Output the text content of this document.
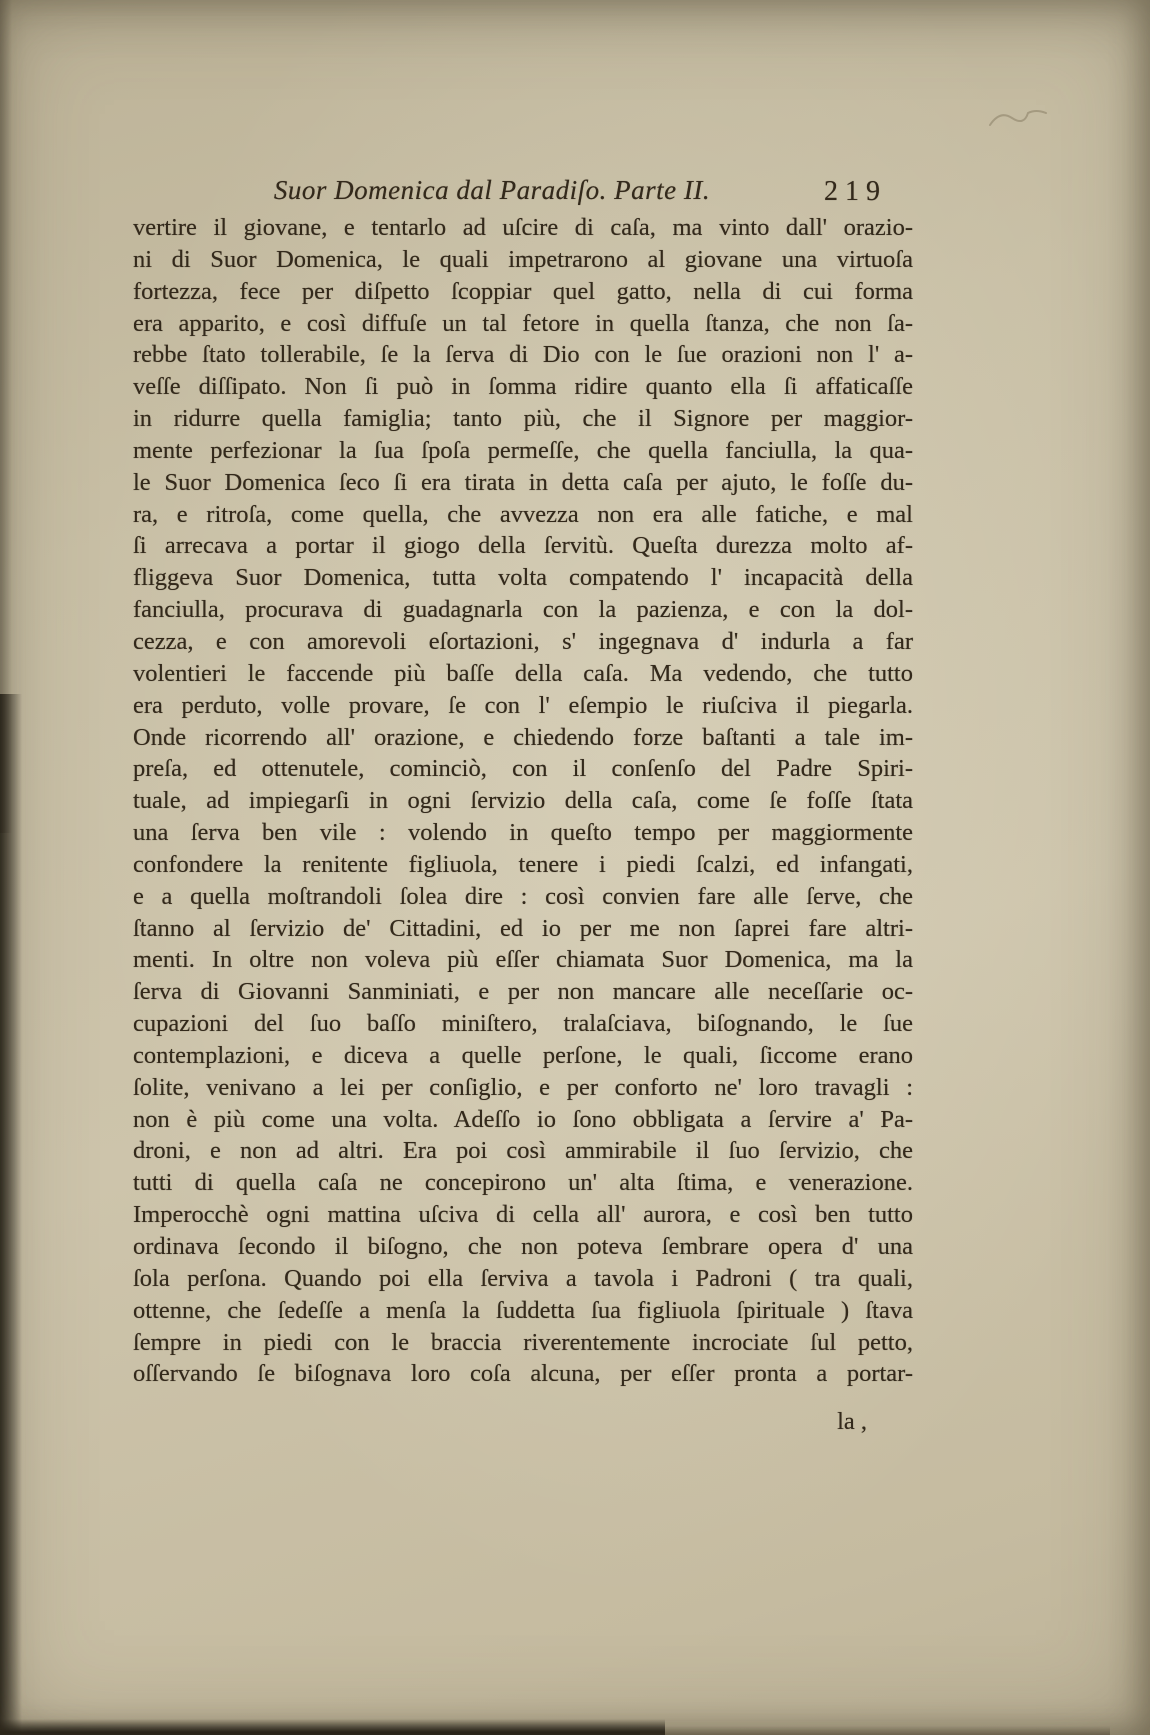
Suor Domenica dal Paradiſo. Parte II.	219
vertire il giovane, e tentarlo ad uſcire di caſa, ma vinto dall' orazio-
ni di Suor Domenica, le quali impetrarono al giovane una virtuoſa
fortezza, fece per diſpetto ſcoppiar quel gatto, nella di cui forma
era apparito, e così diffuſe un tal fetore in quella ſtanza, che non ſa-
rebbe ſtato tollerabile, ſe la ſerva di Dio con le ſue orazioni non l' a-
veſſe diſſipato. Non ſi può in ſomma ridire quanto ella ſi affaticaſſe
in ridurre quella famiglia; tanto più, che il Signore per maggior-
mente perfezionar la ſua ſpoſa permeſſe, che quella fanciulla, la qua-
le Suor Domenica ſeco ſi era tirata in detta caſa per ajuto, le foſſe du-
ra, e ritroſa, come quella, che avvezza non era alle fatiche, e mal
ſi arrecava a portar il giogo della ſervitù. Queſta durezza molto af-
fliggeva Suor Domenica, tutta volta compatendo l' incapacità della
fanciulla, procurava di guadagnarla con la pazienza, e con la dol-
cezza, e con amorevoli eſortazioni, s' ingegnava d' indurla a far
volentieri le faccende più baſſe della caſa. Ma vedendo, che tutto
era perduto, volle provare, ſe con l' eſempio le riuſciva il piegarla.
Onde ricorrendo all' orazione, e chiedendo forze baſtanti a tale im-
preſa, ed ottenutele, cominciò, con il conſenſo del Padre Spiri-
tuale, ad impiegarſi in ogni ſervizio della caſa, come ſe foſſe ſtata
una ſerva ben vile : volendo in queſto tempo per maggiormente
confondere la renitente figliuola, tenere i piedi ſcalzi, ed infangati,
e a quella moſtrandoli ſolea dire : così convien fare alle ſerve, che
ſtanno al ſervizio de' Cittadini, ed io per me non ſaprei fare altri-
menti. In oltre non voleva più eſſer chiamata Suor Domenica, ma la
ſerva di Giovanni Sanminiati, e per non mancare alle neceſſarie oc-
cupazioni del ſuo baſſo miniſtero, tralaſciava, biſognando, le ſue
contemplazioni, e diceva a quelle perſone, le quali, ſiccome erano
ſolite, venivano a lei per conſiglio, e per conforto ne' loro travagli :
non è più come una volta. Adeſſo io ſono obbligata a ſervire a' Pa-
droni, e non ad altri. Era poi così ammirabile il ſuo ſervizio, che
tutti di quella caſa ne concepirono un' alta ſtima, e venerazione.
Imperocchè ogni mattina uſciva di cella all' aurora, e così ben tutto
ordinava ſecondo il biſogno, che non poteva ſembrare opera d' una
ſola perſona. Quando poi ella ſerviva a tavola i Padroni ( tra quali,
ottenne, che ſedeſſe a menſa la ſuddetta ſua figliuola ſpirituale ) ſtava
ſempre in piedi con le braccia riverentemente incrociate ſul petto,
oſſervando ſe biſognava loro coſa alcuna, per eſſer pronta a portar-
la ,
